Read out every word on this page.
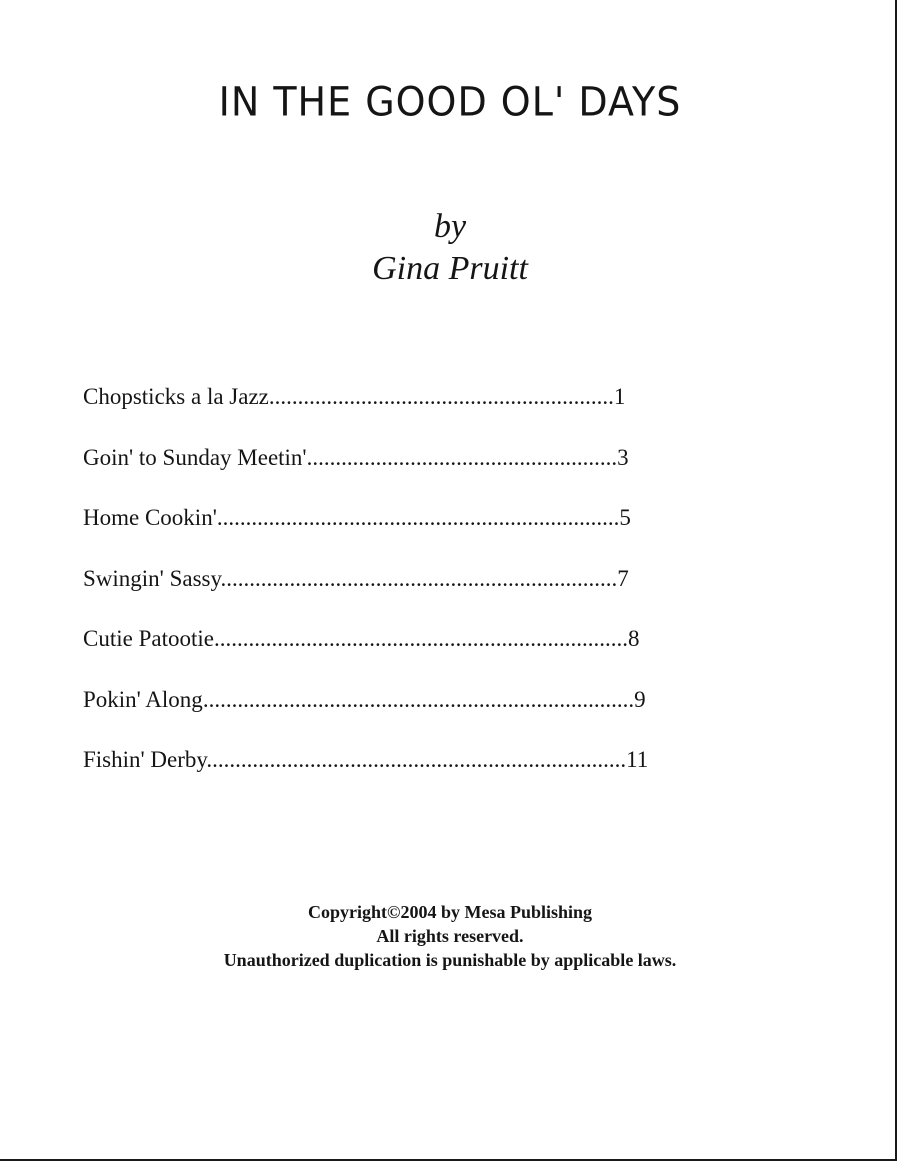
IN THE GOOD OL' DAYS
by
Gina Pruitt
Chopsticks a la Jazz............................................................1
Goin' to Sunday Meetin'......................................................3
Home Cookin'......................................................................5
Swingin' Sassy.....................................................................7
Cutie Patootie........................................................................8
Pokin' Along...........................................................................9
Fishin' Derby.........................................................................11
Copyright©2004 by Mesa Publishing
All rights reserved.
Unauthorized duplication is punishable by applicable laws.
